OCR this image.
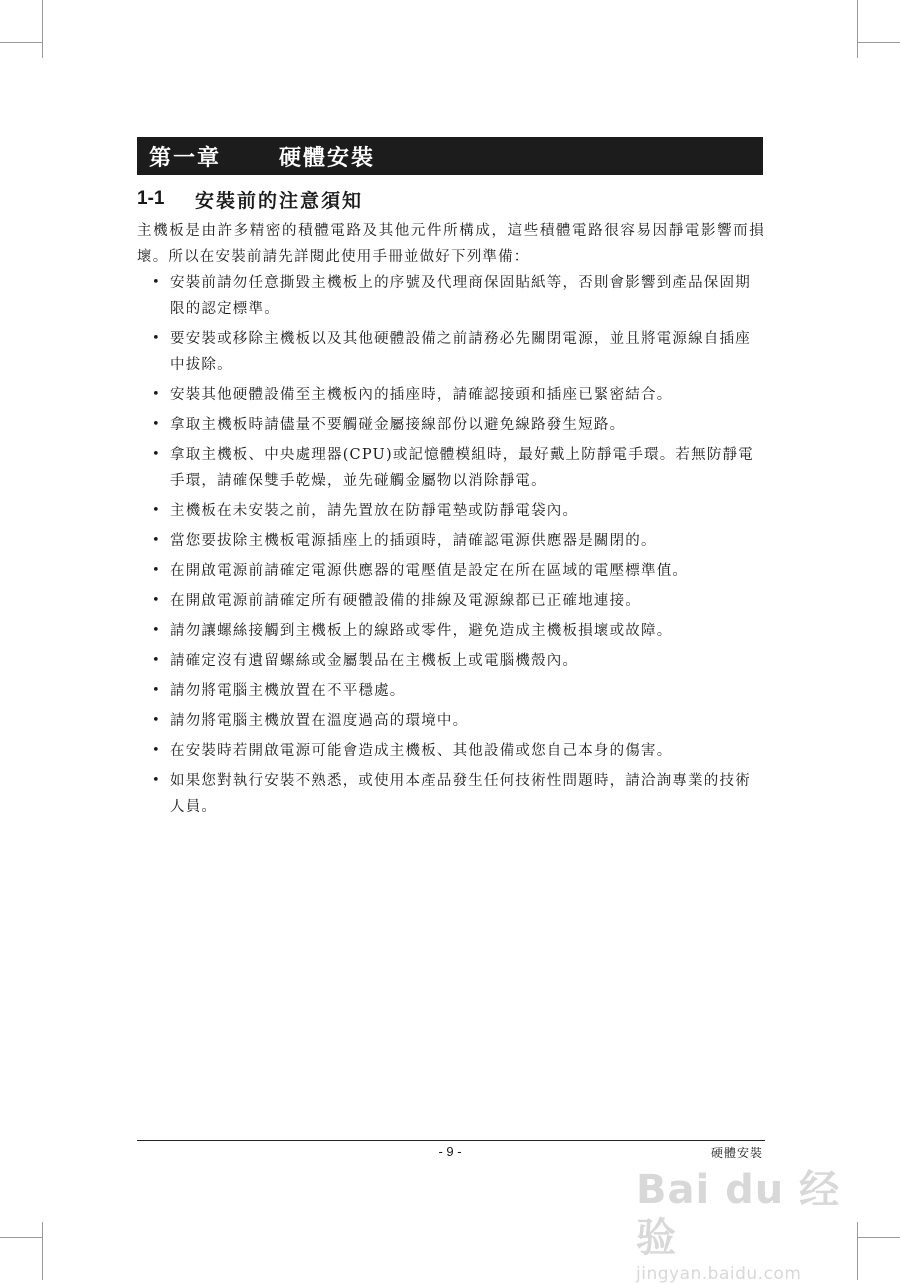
第一章	硬體安裝
1-1	安裝前的注意須知

主機板是由許多精密的積體電路及其他元件所構成，這些積體電路很容易因靜電影響而損壞。所以在安裝前請先詳閱此使用手冊並做好下列準備：

• 安裝前請勿任意撕毀主機板上的序號及代理商保固貼紙等，否則會影響到產品保固期限的認定標準。
• 要安裝或移除主機板以及其他硬體設備之前請務必先關閉電源，並且將電源線自插座中拔除。
• 安裝其他硬體設備至主機板內的插座時，請確認接頭和插座已緊密結合。
• 拿取主機板時請儘量不要觸碰金屬接線部份以避免線路發生短路。
• 拿取主機板、中央處理器(CPU)或記憶體模組時，最好戴上防靜電手環。若無防靜電手環，請確保雙手乾燥，並先碰觸金屬物以消除靜電。
• 主機板在未安裝之前，請先置放在防靜電墊或防靜電袋內。
• 當您要拔除主機板電源插座上的插頭時，請確認電源供應器是關閉的。
• 在開啟電源前請確定電源供應器的電壓值是設定在所在區域的電壓標準值。
• 在開啟電源前請確定所有硬體設備的排線及電源線都已正確地連接。
• 請勿讓螺絲接觸到主機板上的線路或零件，避免造成主機板損壞或故障。
• 請確定沒有遺留螺絲或金屬製品在主機板上或電腦機殼內。
• 請勿將電腦主機放置在不平穩處。
• 請勿將電腦主機放置在溫度過高的環境中。
• 在安裝時若開啟電源可能會造成主機板、其他設備或您自己本身的傷害。
• 如果您對執行安裝不熟悉，或使用本產品發生任何技術性問題時，請洽詢專業的技術人員。
- 9 -	硬體安裝
Bai du 经验
jingyan.baidu.com
